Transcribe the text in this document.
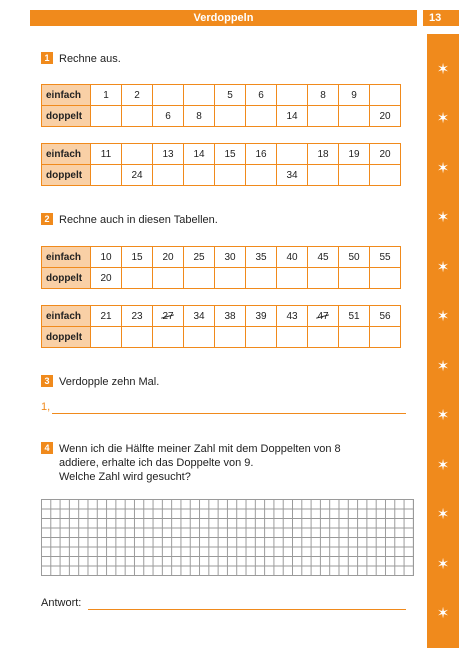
Verdoppeln	13
✶
✶
✶
✶
✶
✶
✶
✶
✶
✶
✶
✶
1 Rechne aus.
einfach	1	2			5	6		8	9	
doppelt			6	8			14			20
einfach	11		13	14	15	16		18	19	20
doppelt		24					34			
2 Rechne auch in diesen Tabellen.
einfach	10	15	20	25	30	35	40	45	50	55
doppelt	20									
einfach	21	23	27	34	38	39	43	47	51	56
doppelt										
3 Verdopple zehn Mal.
1,
4 Wenn ich die Hälfte meiner Zahl mit dem Doppelten von 8
addiere, erhalte ich das Doppelte von 9.
Welche Zahl wird gesucht?
Antwort:
